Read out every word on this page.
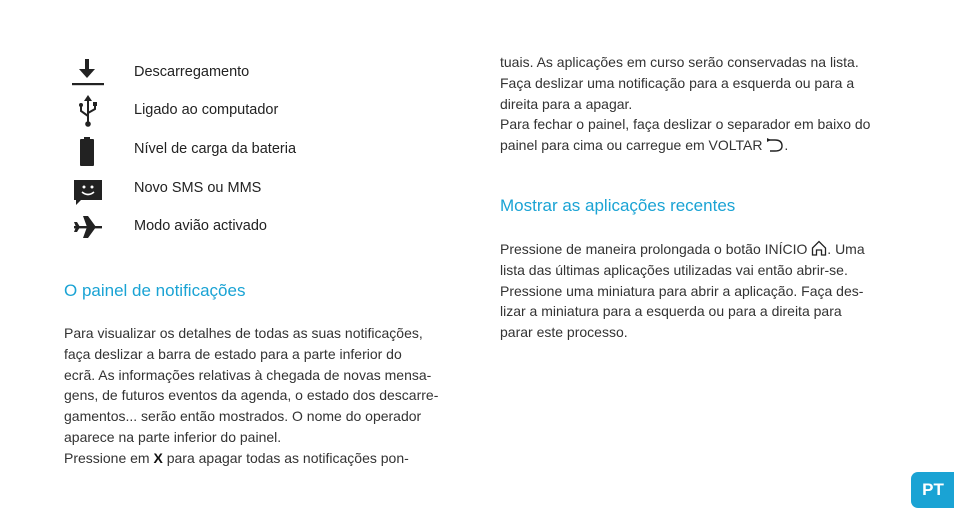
Descarregamento
Ligado ao computador
Nível de carga da bateria
Novo SMS ou MMS
Modo avião activado
O painel de notificações

Para visualizar os detalhes de todas as suas notificações,

faça deslizar a barra de estado para a parte inferior do

ecrã. As informações relativas à chegada de novas mensa-

gens, de futuros eventos da agenda, o estado dos descarre-

gamentos... serão então mostrados. O nome do operador

aparece na parte inferior do painel.

Pressione em X para apagar todas as notificações pon-

tuais. As aplicações em curso serão conservadas na lista.

Faça deslizar uma notificação para a esquerda ou para a

direita para a apagar.

Para fechar o painel, faça deslizar o separador em baixo do

painel para cima ou carregue em VOLTAR
.

Mostrar as aplicações recentes

Pressione de maneira prolongada o botão INÍCIO
. Uma

lista das últimas aplicações utilizadas vai então abrir-se.

Pressione uma miniatura para abrir a aplicação. Faça des-

lizar a miniatura para a esquerda ou para a direita para

parar este processo.

PT
